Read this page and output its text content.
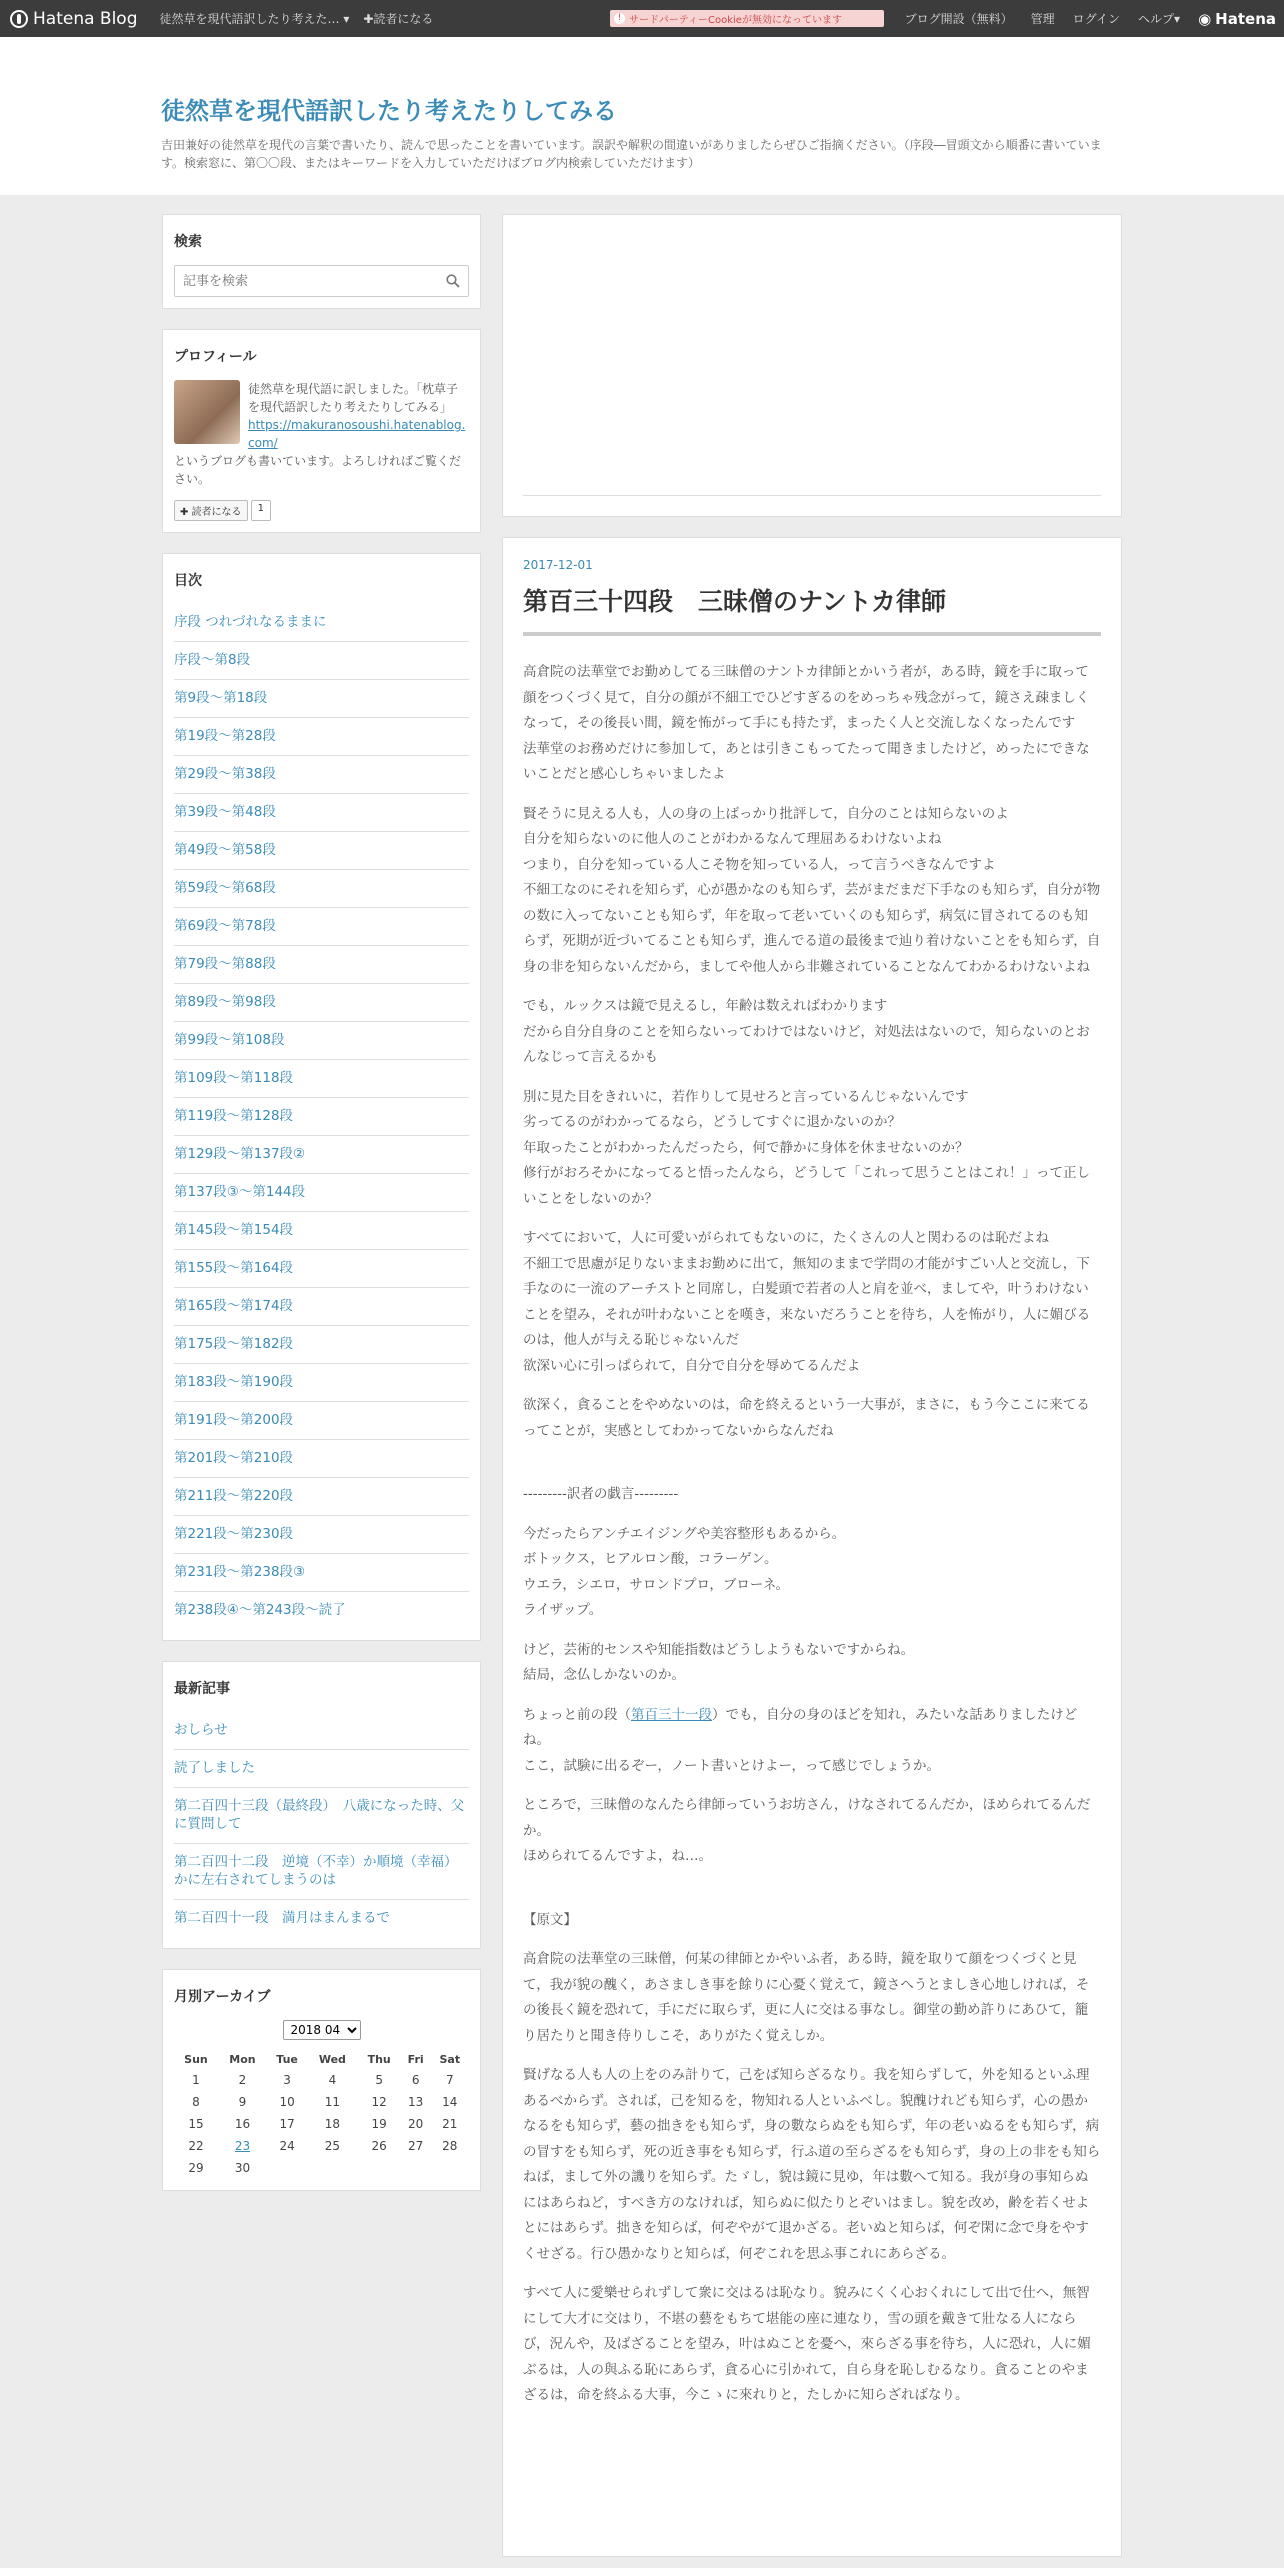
Hatena Blog 徒然草を現代語訳したり考えた… ▾ ✚読者になる	! サードパーティーCookieが無効になっています	ブログ開設（無料） 管理 ログイン ヘルプ▾ ◉ Hatena
徒然草を現代語訳したり考えたりしてみる
吉田兼好の徒然草を現代の言葉で書いたり、読んで思ったことを書いています。誤訳や解釈の間違いがありましたらぜひご指摘ください。（序段―冒頭文から順番に書いています。検索窓に、第〇〇段、またはキーワードを入力していただけばブログ内検索していただけます）
検索
記事を検索
プロフィール
徒然草を現代語に訳しました。「枕草子を現代語訳したり考えたりしてみる」
https://makuranosoushi.hatenablog.com/
というブログも書いています。よろしければご覧ください。
✚ 読者になる	1
目次
序段 つれづれなるままに
序段～第8段
第9段～第18段
第19段～第28段
第29段～第38段
第39段～第48段
第49段～第58段
第59段～第68段
第69段～第78段
第79段～第88段
第89段～第98段
第99段～第108段
第109段～第118段
第119段～第128段
第129段～第137段②
第137段③～第144段
第145段～第154段
第155段～第164段
第165段～第174段
第175段～第182段
第183段～第190段
第191段～第200段
第201段～第210段
第211段～第220段
第221段～第230段
第231段～第238段③
第238段④～第243段～読了
最新記事
おしらせ
読了しました
第二百四十三段（最終段）　八歳になった時、父に質問して
第二百四十二段　逆境（不幸）か順境（幸福）かに左右されてしまうのは
第二百四十一段　満月はまんまるで
月別アーカイブ
2018 04
Sun	Mon	Tue	Wed	Thu	Fri	Sat
1	2	3	4	5	6	7
8	9	10	11	12	13	14
15	16	17	18	19	20	21
22	23	24	25	26	27	28
29	30					
2017-12-01
第百三十四段　三昧僧のナントカ律師

高倉院の法華堂でお勤めしてる三昧僧のナントカ律師とかいう者が，ある時，鏡を手に取って顔をつくづく見て，自分の顔が不細工でひどすぎるのをめっちゃ残念がって，鏡さえ疎ましくなって，その後長い間，鏡を怖がって手にも持たず，まったく人と交流しなくなったんです
法華堂のお務めだけに参加して，あとは引きこもってたって聞きましたけど，めったにできないことだと感心しちゃいましたよ

賢そうに見える人も，人の身の上ばっかり批評して，自分のことは知らないのよ
自分を知らないのに他人のことがわかるなんて理屈あるわけないよね
つまり，自分を知っている人こそ物を知っている人，って言うべきなんですよ
不細工なのにそれを知らず，心が愚かなのも知らず，芸がまだまだ下手なのも知らず，自分が物の数に入ってないことも知らず，年を取って老いていくのも知らず，病気に冒されてるのも知らず，死期が近づいてることも知らず，進んでる道の最後まで辿り着けないことをも知らず，自身の非を知らないんだから，ましてや他人から非難されていることなんてわかるわけないよね

でも，ルックスは鏡で見えるし，年齢は数えればわかります
だから自分自身のことを知らないってわけではないけど，対処法はないので，知らないのとおんなじって言えるかも

別に見た目をきれいに，若作りして見せろと言っているんじゃないんです
劣ってるのがわかってるなら，どうしてすぐに退かないのか？
年取ったことがわかったんだったら，何で静かに身体を休ませないのか？
修行がおろそかになってると悟ったんなら，どうして「これって思うことはこれ！」って正しいことをしないのか？

すべてにおいて，人に可愛いがられてもないのに，たくさんの人と関わるのは恥だよね
不細工で思慮が足りないままお勤めに出て，無知のままで学問の才能がすごい人と交流し，下手なのに一流のアーチストと同席し，白髪頭で若者の人と肩を並べ，ましてや，叶うわけないことを望み，それが叶わないことを嘆き，来ないだろうことを待ち，人を怖がり，人に媚びるのは，他人が与える恥じゃないんだ
欲深い心に引っぱられて，自分で自分を辱めてるんだよ

欲深く，貪ることをやめないのは，命を終えるという一大事が，まさに，もう今ここに来てるってことが，実感としてわかってないからなんだね

---------訳者の戯言---------

今だったらアンチエイジングや美容整形もあるから。
ボトックス，ヒアルロン酸，コラーゲン。
ウエラ，シエロ，サロンドプロ，ブローネ。
ライザップ。

けど，芸術的センスや知能指数はどうしようもないですからね。
結局，念仏しかないのか。

ちょっと前の段（第百三十一段）でも，自分の身のほどを知れ，みたいな話ありましたけどね。
ここ，試験に出るぞー，ノート書いとけよー，って感じでしょうか。

ところで，三昧僧のなんたら律師っていうお坊さん，けなされてるんだか，ほめられてるんだか。
ほめられてるんですよ，ね…。

【原文】

高倉院の法華堂の三昧僧，何某の律師とかやいふ者，ある時，鏡を取りて顔をつくづくと見て，我が貌の醜く，あさましき事を餘りに心憂く覚えて，鏡さへうとましき心地しければ，その後長く鏡を恐れて，手にだに取らず，更に人に交はる事なし。御堂の勤め許りにあひて，籠り居たりと聞き侍りしこそ，ありがたく覚えしか。

賢げなる人も人の上をのみ計りて，己をば知らざるなり。我を知らずして，外を知るといふ理あるべからず。されば，己を知るを，物知れる人といふべし。貌醜けれども知らず，心の愚かなるをも知らず，藝の拙きをも知らず，身の數ならぬをも知らず，年の老いぬるをも知らず，病の冒すをも知らず，死の近き事をも知らず，行ふ道の至らざるをも知らず，身の上の非をも知らねば，まして外の譏りを知らず。たゞし，貌は鏡に見ゆ，年は數へて知る。我が身の事知らぬにはあらねど，すべき方のなければ，知らぬに似たりとぞいはまし。貌を改め，齢を若くせよとにはあらず。拙きを知らば，何ぞやがて退かざる。老いぬと知らば，何ぞ閑に念で身をやすくせざる。行ひ愚かなりと知らば，何ぞこれを思ふ事これにあらざる。

すべて人に愛樂せられずして衆に交はるは恥なり。貌みにくく心おくれにして出で仕へ，無智にして大才に交はり，不堪の藝をもちて堪能の座に連なり，雪の頭を戴きて壯なる人にならび，況んや，及ばざることを望み，叶はぬことを憂へ，來らざる事を待ち，人に恐れ，人に媚ぶるは，人の與ふる恥にあらず，貪る心に引かれて，自ら身を恥しむるなり。貪ることのやまざるは，命を終ふる大事，今こゝに來れりと，たしかに知らざればなり。
